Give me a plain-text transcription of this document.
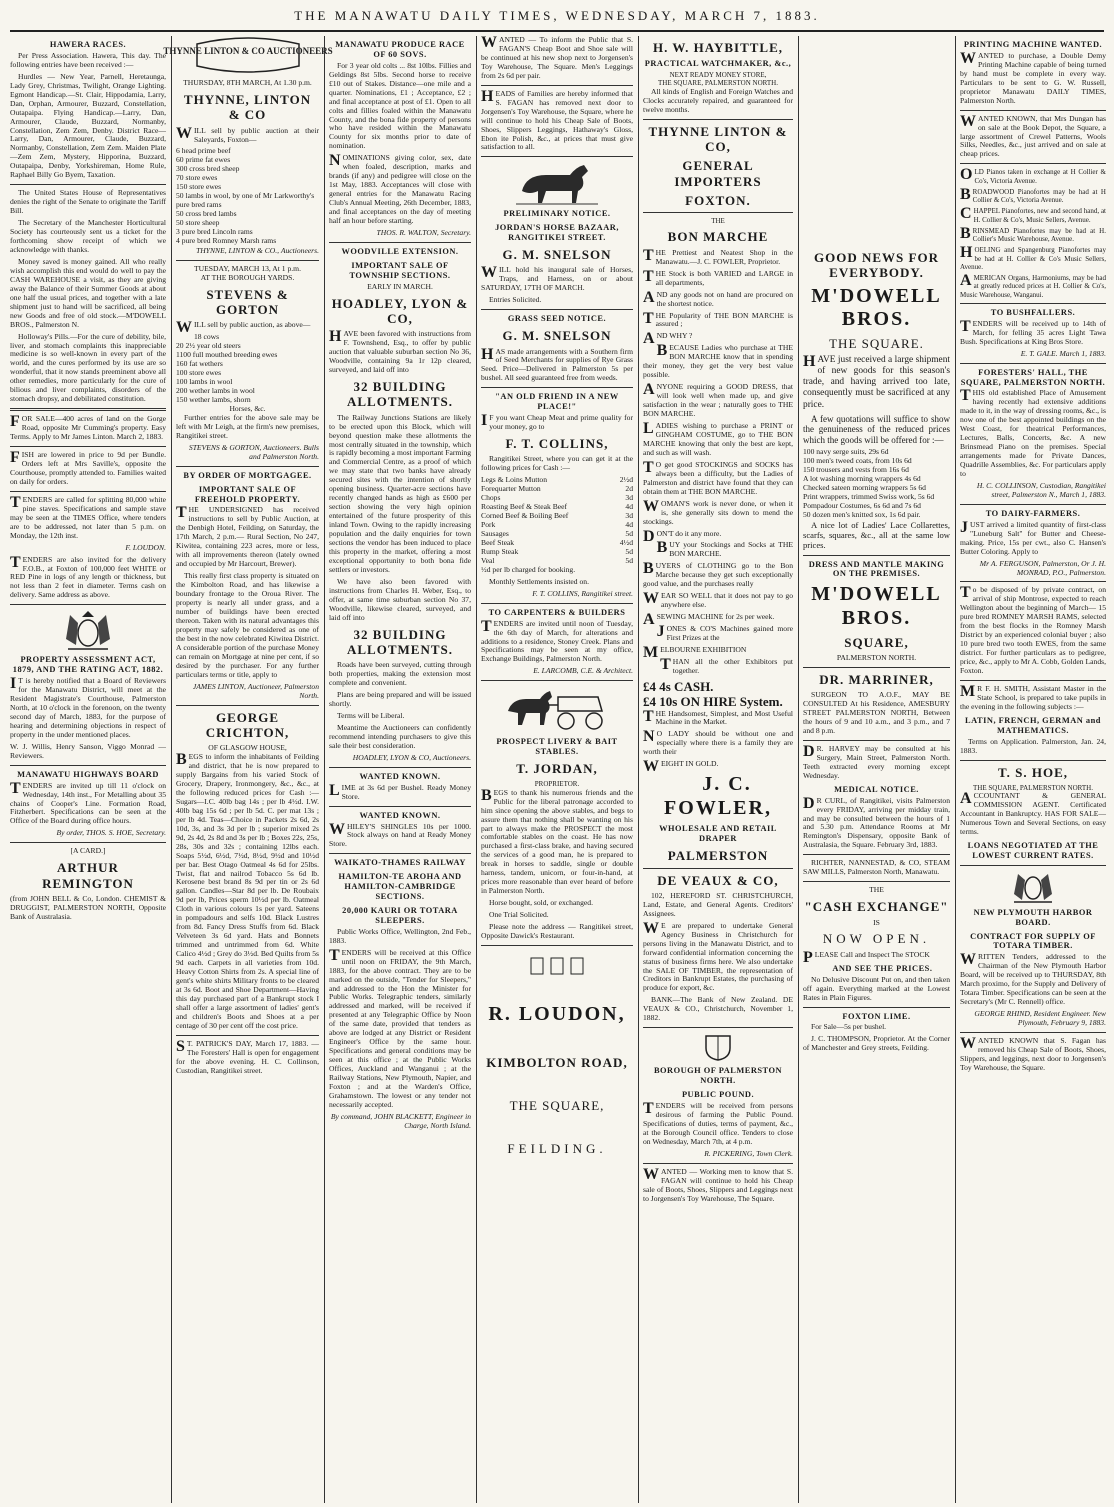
THE MANAWATU DAILY TIMES, WEDNESDAY, MARCH 7, 1883.
HAWERA RACES.

Per Press Association. Hawera, This day. The following entries have been received :—

Hurdles — New Year, Parnell, Heretaunga, Lady Grey, Christmas, Twilight, Orange Lighting. Egmont Handicap.—St. Clair, Hippodamia, Larry, Dan, Orphan, Armourer, Buzzard, Constellation, Outapaipa. Flying Handicap.—Larry, Dan, Armourer, Claude, Buzzard, Normanby, Constellation, Zem Zem, Denby. District Race—Larry, Dan, Armourer, Claude, Buzzard, Normanby, Constellation, Zem Zem. Maiden Plate—Zem Zem, Mystery, Hipporina, Buzzard, Outapaipa, Denby, Yorkshireman, Home Rule, Raphael Billy Go Byem, Taxation.

The United States House of Representatives denies the right of the Senate to originate the Tariff Bill.

The Secretary of the Manchester Horticultural Society has courteously sent us a ticket for the forthcoming show receipt of which we acknowledge with thanks.

Money saved is money gained. All who really wish accomplish this end would do well to pay the CASH WAREHOUSE a visit, as they are giving away the Balance of their Summer Goods at about one half the usual prices, and together with a late shipment just to hand will be sacrificed, all being new Goods and free of old stock.—M'DOWELL BROS., Palmerston N.

Holloway's Pills.—For the cure of debility, bile, liver, and stomach complaints this inappreciable medicine is so well-known in every part of the world, and the cures performed by its use are so wonderful, that it now stands preeminent above all other remedies, more particularly for the cure of bilious and liver complaints, disorders of the stomach dropsy, and debilitated constitution.

FOR SALE—400 acres of land on the Gorge Road, opposite Mr Cumming's property. Easy Terms. Apply to Mr James Linton. March 2, 1883.

FISH are lowered in price to 9d per Bundle. Orders left at Mrs Saville's, opposite the Courthouse, promptly attended to. Families waited on daily for orders.

TENDERS are called for splitting 80,000 white pine staves. Specifications and sample stave may be seen at the TIMES Office, where tenders are to be addressed, not later than 5 p.m. on Monday, the 12th inst.

F. LOUDON.

TENDERS are also invited for the delivery F.O.B., at Foxton of 100,000 feet WHITE or RED Pine in logs of any length or thickness, but not less than 2 feet in diameter. Terms cash on delivery. Same address as above.

PROPERTY ASSESSMENT ACT, 1879, AND THE RATING ACT, 1882.

IT is hereby notified that a Board of Reviewers for the Manawatu District, will meet at the Resident Magistrate's Courthouse, Palmerston North, at 10 o'clock in the forenoon, on the twenty second day of March, 1883, for the purpose of hearing and determining objections in respect of property in the under mentioned places.

W. J. Willis, Henry Sanson, Viggo Monrad — Reviewers.

MANAWATU HIGHWAYS BOARD

TENDERS are invited up till 11 o'clock on Wednesday, 14th inst., For Metalling about 35 chains of Cooper's Line. Formation Road, Fitzherbert. Specifications can be seen at the Office of the Board during office hours.

By order, THOS. S. HOE, Secretary.
[A CARD.]
ARTHUR REMINGTON

(from JOHN BELL & Co, London. CHEMIST & DRUGGIST, PALMERSTON NORTH, Opposite Bank of Australasia.

THYNNE LINTON & CO AUCTIONEERS
THURSDAY, 8TH MARCH, At 1.30 p.m.
THYNNE, LINTON & CO

WILL sell by public auction at their Saleyards, Foxton—

6 head prime beef
60 prime fat ewes
300 cross bred sheep
70 store ewes
150 store ewes
50 lambs in wool, by one of Mr Larkworthy's pure bred rams
50 cross bred lambs
50 store sheep
3 pure bred Lincoln rams
4 pure bred Romney Marsh rams
THYNNE, LINTON & CO., Auctioneers.
TUESDAY, MARCH 13, At 1 p.m.
AT THE BOROUGH YARDS.
STEVENS & GORTON

WILL sell by public auction, as above—

18 cows
20 2½ year old steers
1100 full mouthed breeding ewes
160 fat wethers
100 store ewes
100 lambs in wool
200 wether lambs in wool
150 wether lambs, shorn
Horses, &c.

Further entries for the above sale may be left with Mr Leigh, at the firm's new premises, Rangitikei street.

STEVENS & GORTON, Auctioneers. Bulls and Palmerston North.
BY ORDER OF MORTGAGEE.
IMPORTANT SALE OF FREEHOLD PROPERTY.

THE UNDERSIGNED has received instructions to sell by Public Auction, at the Denbigh Hotel, Feilding, on Saturday, the 17th March, 2 p.m.— Rural Section, No 247, Kiwitea, containing 223 acres, more or less, with all improvements thereon (lately owned and occupied by Mr Harcourt, Brewer).

This really first class property is situated on the Kimbolton Road, and has likewise a boundary frontage to the Oroua River. The property is nearly all under grass, and a number of buildings have been erected thereon. Taken with its natural advantages this property may safely be considered as one of the best in the now celebrated Kiwitea District. A considerable portion of the purchase Money can remain on Mortgage at nine per cent, if so desired by the purchaser. For any further particulars terms or title, apply to

JAMES LINTON, Auctioneer, Palmerston North.
GEORGE CRICHTON,
OF GLASGOW HOUSE,

BEGS to inform the inhabitants of Feilding and district, that he is now prepared to supply Bargains from his varied Stock of Grocery, Drapery, Ironmongery, &c., &c., at the following reduced prices for Cash :— Sugars—I.C. 40lb bag 14s ; per lb 4½d. I.W. 40lb bag 15s 6d ; per lb 5d. C. per mat 13s ; per lb 4d. Teas—Choice in Packets 2s 6d, 2s 10d, 3s, and 3s 3d per lb ; superior mixed 2s 9d, 2s 4d, 2s 8d and 3s per lb ; Boxes 22s, 25s, 28s, 30s and 32s ; containing 12lbs each. Soaps 5½d, 6½d, 7½d, 8½d, 9½d and 10½d per bar. Best Otago Oatmeal 4s 6d for 25lbs. Twist, flat and nailrod Tobacco 5s 6d lb. Kerosene best brand 8s 9d per tin or 2s 6d gallon. Candles—Star 8d per lb. De Roubaix 9d per lb, Prices sperm 10½d per lb. Oatmeal Cloth in various colours 1s per yard. Sateens in pompadours and selfs 10d. Black Lustres from 8d. Fancy Dress Stuffs from 6d. Black Velveteen 3s 6d yard. Hats and Bonnets trimmed and untrimmed from 6d. White Calico 4½d ; Grey do 3½d. Bed Quilts from 5s 9d each. Carpets in all varieties from 10d. Heavy Cotton Shirts from 2s. A special line of gent's white shirts Military fronts to be cleared at 3s 6d. Boot and Shoe Department—Having this day purchased part of a Bankrupt stock I shall offer a large assortment of ladies' gent's and children's Boots and Shoes at a per centage of 30 per cent off the cost price.

ST. PATRICK'S DAY, March 17, 1883. — The Foresters' Hall is open for engagement for the above evening. H. C. Collinson, Custodian, Rangitikei street.

MANAWATU PRODUCE RACE OF 60 SOVS.

For 3 year old colts ... 8st 10lbs. Fillies and Geldings 8st 5lbs. Second horse to receive £10 out of Stakes. Distance—one mile and a quarter. Nominations, £1 ; Acceptance, £2 ; and final acceptance at post of £1. Open to all colts and fillies foaled within the Manawatu County, and the bona fide property of persons who have resided within the Manawatu County for six months prior to date of nomination.

NOMINATIONS giving color, sex, date when foaled, description, marks and brands (if any) and pedigree will close on the 1st May, 1883. Acceptances will close with general entries for the Manawatu Racing Club's Annual Meeting, 26th December, 1883, and final acceptances on the day of meeting half an hour before starting.

THOS. R. WALTON, Secretary.
WOODVILLE EXTENSION.
IMPORTANT SALE OF TOWNSHIP SECTIONS.
EARLY IN MARCH.
HOADLEY, LYON & CO,

HAVE been favored with instructions from F. Townshend, Esq., to offer by public auction that valuable suburban section No 36, Woodville, containing 9a 1r 12p cleared, surveyed, and laid off into

32 BUILDING ALLOTMENTS.

The Railway Junctions Stations are likely to be erected upon this Block, which will beyond question make these allotments the most centrally situated in the township, which is rapidly becoming a most important Farming and Commercial Centre, as a proof of which we may state that two banks have already secured sites with the intention of shortly opening business. Quarter-acre sections have recently changed hands as high as £600 per section showing the very high opinion entertained of the future prosperity of this inland Town. Owing to the rapidly increasing population and the daily enquiries for town sections the vendor has been induced to place this property in the market, offering a most exceptional opportunity to both bona fide settlers or investors.

We have also been favored with instructions from Charles H. Weber, Esq., to offer, at same time suburban section No 37, Woodville, likewise cleared, surveyed, and laid off into

32 BUILDING ALLOTMENTS.

Roads have been surveyed, cutting through both properties, making the extension most complete and convenient.

Plans are being prepared and will be issued shortly.

Terms will be Liberal.

Meantime the Auctioneers can confidently recommend intending purchasers to give this sale their best consideration.

HOADLEY, LYON & CO, Auctioneers.
WANTED KNOWN.

LIME at 3s 6d per Bushel. Ready Money Store.

WANTED KNOWN.

WHILEY'S SHINGLES 10s per 1000. Stock always on hand at Ready Money Store.

WAIKATO-THAMES RAILWAY
HAMILTON-TE AROHA AND HAMILTON-CAMBRIDGE SECTIONS.
20,000 KAURI OR TOTARA SLEEPERS.

Public Works Office, Wellington, 2nd Feb., 1883.

TENDERS will be received at this Office until noon on FRIDAY, the 9th March, 1883, for the above contract. They are to be marked on the outside, "Tender for Sleepers," and addressed to the Hon the Minister for Public Works. Telegraphic tenders, similarly addressed and marked, will be received if presented at any Telegraphic Office by Noon of the same date, provided that tenders as above are lodged at any District or Resident Engineer's Office by the same hour. Specifications and general conditions may be seen at this office ; at the Public Works Offices, Auckland and Wanganui ; at the Railway Stations, New Plymouth, Napier, and Foxton ; and at the Warden's Office, Grahamstown. The lowest or any tender not necessarily accepted.

By command, JOHN BLACKETT, Engineer in Charge, North Island.

WANTED — To inform the Public that S. FAGAN'S Cheap Boot and Shoe sale will be continued at his new shop next to Jorgensen's Toy Warehouse, The Square. Men's Leggings from 2s 6d per pair.

HEADS of Families are hereby informed that S. FAGAN has removed next door to Jorgensen's Toy Warehouse, the Square, where he will continue to hold his Cheap Sale of Boots, Shoes, Slippers Leggings, Hathaway's Gloss, Ebon ite Polish, &c., at prices that must give satisfaction to all.

PRELIMINARY NOTICE.
JORDAN'S HORSE BAZAAR, RANGITIKEI STREET.
G. M. SNELSON

WILL hold his inaugural sale of Horses, Traps, and Harness, on or about SATURDAY, 17TH OF MARCH.

Entries Solicited.

GRASS SEED NOTICE.
G. M. SNELSON

HAS made arrangements with a Southern firm of Seed Merchants for supplies of Rye Grass Seed. Price—Delivered in Palmerston 5s per bushel. All seed guaranteed free from weeds.

"AN OLD FRIEND IN A NEW PLACE!"

IF you want Cheap Meat and prime quality for your money, go to

F. T. COLLINS,

Rangitikei Street, where you can get it at the following prices for Cash :—

Legs & Loins Mutton	2½d
Forequarter Mutton	2d
Chops	3d
Roasting Beef & Steak Beef	4d
Corned Beef & Boiling Beef	3d
Pork	4d
Sausages	5d
Beef Steak	4½d
Rump Steak	5d
Veal	5d

½d per lb charged for booking.

Monthly Settlements insisted on.

F. T. COLLINS, Rangitikei street.
TO CARPENTERS & BUILDERS

TENDERS are invited until noon of Tuesday, the 6th day of March, for alterations and additions to a residence, Stoney Creek. Plans and Specifications may be seen at my office, Exchange Buildings, Palmerston North.

E. LARCOMB, C.E. & Architect.
PROSPECT LIVERY & BAIT STABLES.
T. JORDAN,
PROPRIETOR.

BEGS to thank his numerous friends and the Public for the liberal patronage accorded to him since opening the above stables, and begs to assure them that nothing shall be wanting on his part to always make the PROSPECT the most comfortable stables on the coast. He has now purchased a first-class brake, and having secured the services of a good man, he is prepared to break in horses to saddle, single or double harness, tandem, unicorn, or four-in-hand, at prices more reasonable than ever heard of before in Palmerston North.

Horse bought, sold, or exchanged.

One Trial Solicited.

Please note the address — Rangitikei street, Opposite Dawick's Restaurant.

R. LOUDON,
KIMBOLTON ROAD,
THE SQUARE,
FEILDING.
H. W. HAYBITTLE,
PRACTICAL WATCHMAKER, &c.,
NEXT READY MONEY STORE,
THE SQUARE, PALMERSTON NORTH.

All kinds of English and Foreign Watches and Clocks accurately repaired, and guaranteed for twelve months.

THYNNE LINTON & CO,
GENERAL IMPORTERS
FOXTON.
THE
BON MARCHE

THE Prettiest and Neatest Shop in the Manawatu.—J. C. FOWLER, Proprietor.

THE Stock is both VARIED and LARGE in all departments,

AND any goods not on hand are procured on the shortest notice.

THE Popularity of THE BON MARCHE is assured ;

AND WHY ?

BECAUSE Ladies who purchase at THE BON MARCHE know that in spending their money, they get the very best value possible.

ANYONE requiring a GOOD DRESS, that will look well when made up, and give satisfaction in the wear ; naturally goes to THE BON MARCHE.

LADIES wishing to purchase a PRINT or GINGHAM COSTUME, go to THE BON MARCHE knowing that only the best are kept, and such as will wash.

TO get good STOCKINGS and SOCKS has always been a difficulty, but the Ladies of Palmerston and district have found that they can obtain them at THE BON MARCHE.

WOMAN'S work is never done, or when it is, she generally sits down to mend the stockings.

DON'T do it any more.

BUY your Stockings and Socks at THE BON MARCHE.

BUYERS of CLOTHING go to the Bon Marche because they get such exceptionally good value, and the purchases really

WEAR SO WELL that it does not pay to go anywhere else.

ASEWING MACHINE for 2s per week.

JONES & CO'S Machines gained more First Prizes at the

MELBOURNE EXHIBITION

THAN all the other Exhibitors put together.

£4 4s CASH.
£4 10s ON HIRE System.

THE Handsomest, Simplest, and Most Useful Machine in the Market.

NO LADY should be without one and especially where there is a family they are worth their

WEIGHT IN GOLD.

J. C. FOWLER,
WHOLESALE AND RETAIL DRAPER
PALMERSTON
DE VEAUX & CO,

102, HEREFORD ST. CHRISTCHURCH, Land, Estate, and General Agents. Creditors' Assignees.

WE are prepared to undertake General Agency Business in Christchurch for persons living in the Manawatu District, and to forward confidential information concerning the status of business firms here. We also undertake the SALE OF TIMBER, the representation of Creditors in Bankrupt Estates, the purchasing of produce for export, &c.

BANK—The Bank of New Zealand. DE VEAUX & CO., Christchurch, November 1, 1882.

BOROUGH OF PALMERSTON NORTH.
PUBLIC POUND.

TENDERS will be received from persons desirous of farming the Public Pound. Specifications of duties, terms of payment, &c., at the Borough Council office. Tenders to close on Wednesday, March 7th, at 4 p.m.

R. PICKERING, Town Clerk.

WANTED — Working men to know that S. FAGAN will continue to hold his Cheap sale of Boots, Shoes, Slippers and Leggings next to Jorgensen's Toy Warehouse, The Square.

GOOD NEWS FOR EVERYBODY.
M'DOWELL BROS.
THE SQUARE.

HAVE just received a large shipment of new goods for this season's trade, and having arrived too late, consequently must be sacrificed at any price.

A few quotations will suffice to show the genuineness of the reduced prices which the goods will be offered for :—

100 navy serge suits, 29s 6d
100 men's tweed coats, from 10s 6d
150 trousers and vests from 16s 6d
A lot washing morning wrappers 4s 6d
Checked sateen morning wrappers 5s 6d
Print wrappers, trimmed Swiss work, 5s 6d
Pompadour Costumes, 6s 6d and 7s 6d
50 dozen men's knitted sox, 1s 6d pair.

A nice lot of Ladies' Lace Collarettes, scarfs, squares, &c., all at the same low prices.

DRESS AND MANTLE MAKING ON THE PREMISES.
M'DOWELL BROS.
SQUARE,
PALMERSTON NORTH.
DR. MARRINER,

SURGEON TO A.O.F., MAY BE CONSULTED At his Residence, AMESBURY STREET PALMERSTON NORTH, Between the hours of 9 and 10 a.m., and 3 p.m., and 7 and 8 p.m.

DR. HARVEY may be consulted at his Surgery, Main Street, Palmerston North. Teeth extracted every morning except Wednesday.

MEDICAL NOTICE.

DR CURL, of Rangitikei, visits Palmerston every FRIDAY, arriving per midday train, and may be consulted between the hours of 1 and 5.30 p.m. Attendance Rooms at Mr Remington's Dispensary, opposite Bank of Australasia, the Square. February 3rd, 1883.

RICHTER, NANNESTAD, & CO, STEAM SAW MILLS, Palmerston North, Manawatu.

THE
"CASH EXCHANGE"
IS
NOW OPEN.

PLEASE Call and Inspect The STOCK

AND SEE THE PRICES.

No Delusive Discount Put on, and then taken off again. Everything marked at the Lowest Rates in Plain Figures.

FOXTON LIME.

For Sale—5s per bushel.

J. C. THOMPSON, Proprietor. At the Corner of Manchester and Grey streets, Feilding.

PRINTING MACHINE WANTED.

WANTED to purchase, a Double Demy Printing Machine capable of being turned by hand must be complete in every way. Particulars to be sent to G. W. Russell, proprietor Manawatu DAILY TIMES, Palmerston North.

WANTED KNOWN, that Mrs Dungan has on sale at the Book Depot, the Square, a large assortment of Crewel Patterns, Wools Silks, Needles, &c., just arrived and on sale at cheap prices.

OLD Pianos taken in exchange at H Collier & Co's, Victoria Avenue.

BROADWOOD Pianofortes may be had at H Collier & Co's, Victoria Avenue.

CHAPPEL Pianofortes, new and second hand, at H. Collier & Co's, Music Sellers, Avenue.

BRINSMEAD Pianofortes may be had at H. Collier's Music Warehouse, Avenue.

HOELING and Spangenburg Pianofortes may be had at H. Collier & Co's Music Sellers, Avenue.

AMERICAN Organs, Harmoniums, may be had at greatly reduced prices at H. Collier & Co's, Music Warehouse, Wanganui.

TO BUSHFALLERS.

TENDERS will be received up to 14th of March, for felling 35 acres Light Tawa Bush. Specifications at King Bros Store.

E. T. GALE. March 1, 1883.
FORESTERS' HALL, THE SQUARE, PALMERSTON NORTH.

THIS old established Place of Amusement having recently had extensive additions made to it, in the way of dressing rooms, &c., is now one of the best appointed buildings on the West Coast, for theatrical Performances, Lectures, Balls, Concerts, &c. A new Brinsmead Piano on the premises. Special arrangements made for Private Dances, Quadrille Assemblies, &c. For particulars apply to

H. C. COLLINSON, Custodian, Rangitikei street, Palmerston N., March 1, 1883.
TO DAIRY-FARMERS.

JUST arrived a limited quantity of first-class "Luneburg Salt" for Butter and Cheese-making. Price, 15s per cwt., also C. Hansen's Butter Coloring. Apply to

Mr A. FERGUSON, Palmerston, Or J. H. MONRAD, P.O., Palmerston.

To be disposed of by private contract, on arrival of ship Montrose, expected to reach Wellington about the beginning of March— 15 pure bred ROMNEY MARSH RAMS, selected from the best flocks in the Romney Marsh District by an experienced colonial buyer ; also 10 pure bred two tooth EWES, from the same district. For further particulars as to pedigree, price, &c., apply to Mr A. Cobb, Golden Lands, Foxton.

MR F. H. SMITH, Assistant Master in the State School, is prepared to take pupils in the evening in the following subjects :—

LATIN, FRENCH, GERMAN and MATHEMATICS.

Terms on Application. Palmerston, Jan. 24, 1883.

T. S. HOE,
THE SQUARE, PALMERSTON NORTH.

ACCOUNTANT & GENERAL COMMISSION AGENT. Certificated Accountant in Bankruptcy. HAS FOR SALE—Numerous Town and Several Sections, on easy terms.

LOANS NEGOTIATED AT THE LOWEST CURRENT RATES.
NEW PLYMOUTH HARBOR BOARD.
CONTRACT FOR SUPPLY OF TOTARA TIMBER.

WRITTEN Tenders, addressed to the Chairman of the New Plymouth Harbor Board, will be received up to THURSDAY, 8th March proximo, for the Supply and Delivery of Totara Timber. Specifications can be seen at the Secretary's (Mr C. Rennell) office.

GEORGE RHIND, Resident Engineer. New Plymouth, February 9, 1883.

WANTED KNOWN that S. Fagan has removed his Cheap Sale of Boots, Shoes, Slippers, and leggings, next door to Jorgensen's Toy Warehouse, the Square.
